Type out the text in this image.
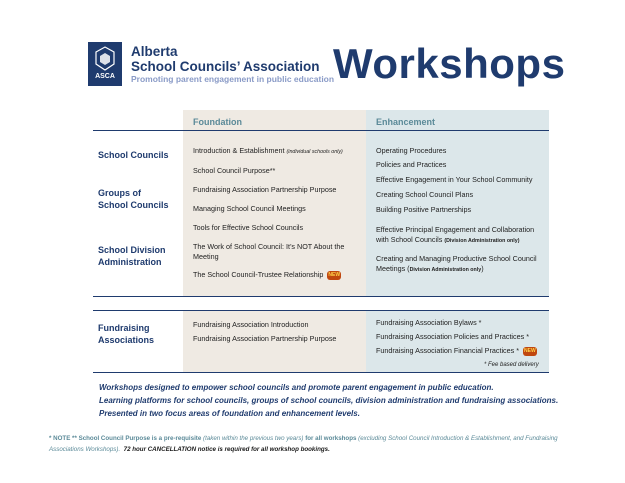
ASCA
Alberta
School Councils’ Association
Promoting parent engagement in public education
Workshops
Foundation	Enhancement
School Councils
Groups of
School Councils
School Division
Administration
Fundraising
Associations
Introduction & Establishment (individual schools only)
School Council Purpose**
Fundraising Association Partnership Purpose
Managing School Council Meetings
Tools for Effective School Councils
The Work of School Council: It’s NOT About the
Meeting
The School Council-Trustee Relationship NEW
Fundraising Association Introduction
Fundraising Association Partnership Purpose
Operating Procedures
Policies and Practices
Effective Engagement in Your School Community
Creating School Council Plans
Building Positive Partnerships
Effective Principal Engagement and Collaboration
with School Councils (Division Administration only)
Creating and Managing Productive School Council
Meetings (Division Administration only)
Fundraising Association Bylaws *
Fundraising Association Policies and Practices *
Fundraising Association Financial Practices * NEW
* Fee based delivery
Workshops designed to empower school councils and promote parent engagement in public education.
Learning platforms for school councils, groups of school councils, division administration and fundraising associations.
Presented in two focus areas of foundation and enhancement levels.
* NOTE ** School Council Purpose is a pre-requisite (taken within the previous two years) for all workshops (excluding School Council Introduction & Establishment, and Fundraising Associations Workshops). 72 hour CANCELLATION notice is required for all workshop bookings.
